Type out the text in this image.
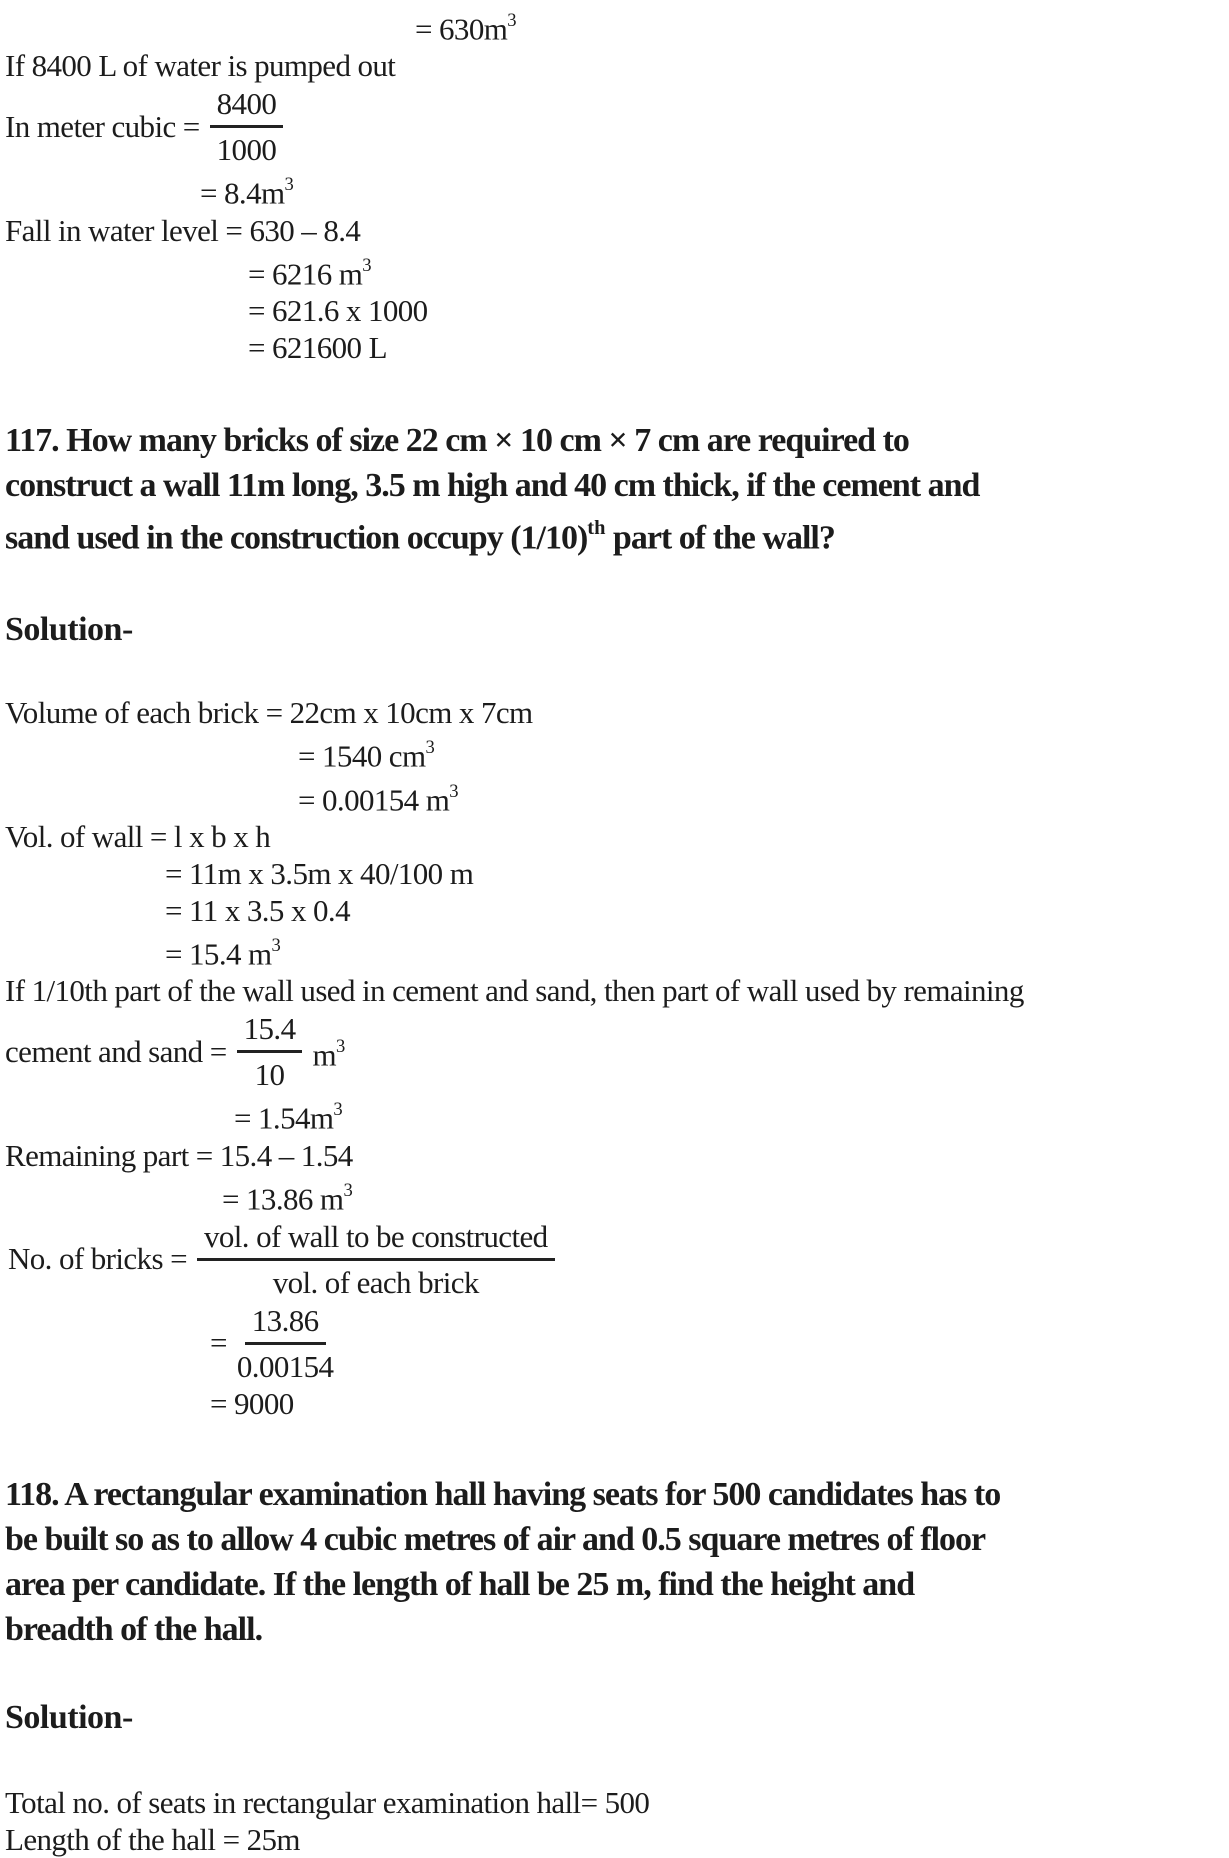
= $630m^3$
If 8400 L of water is pumped out
In meter cubic = $\frac{8400}{1000}$
= $8.4m^3$
Fall in water level = 630 – 8.4
= 6216 $m^3$
= 621.6 x 1000
= 621600 L
117. How many bricks of size 22 cm × 10 cm × 7 cm are required to
construct a wall 11m long, 3.5 m high and 40 cm thick, if the cement and
sand used in the construction occupy $(1/10)^{th}$ part of the wall?
Solution-
Volume of each brick = 22cm x 10cm x 7cm
= 1540 $cm^3$
= 0.00154 $m^3$
Vol. of wall = l x b x h
= 11m x 3.5m x 40/100 m
= 11 x 3.5 x 0.4
= 15.4 $m^3$
If 1/10th part of the wall used in cement and sand, then part of wall used by remaining
cement and sand = $\frac{15.4}{10} m^3$
= $1.54m^3$
Remaining part = 15.4 – 1.54
= 13.86 $m^3$
No. of bricks = $\frac{\text{vol. of wall to be constructed}}{\text{vol. of each brick}}$
= $\frac{13.86}{0.00154}$
= 9000
118. A rectangular examination hall having seats for 500 candidates has to
be built so as to allow 4 cubic metres of air and 0.5 square metres of floor
area per candidate. If the length of hall be 25 m, find the height and
breadth of the hall.
Solution-
Total no. of seats in rectangular examination hall= 500
Length of the hall = 25m
